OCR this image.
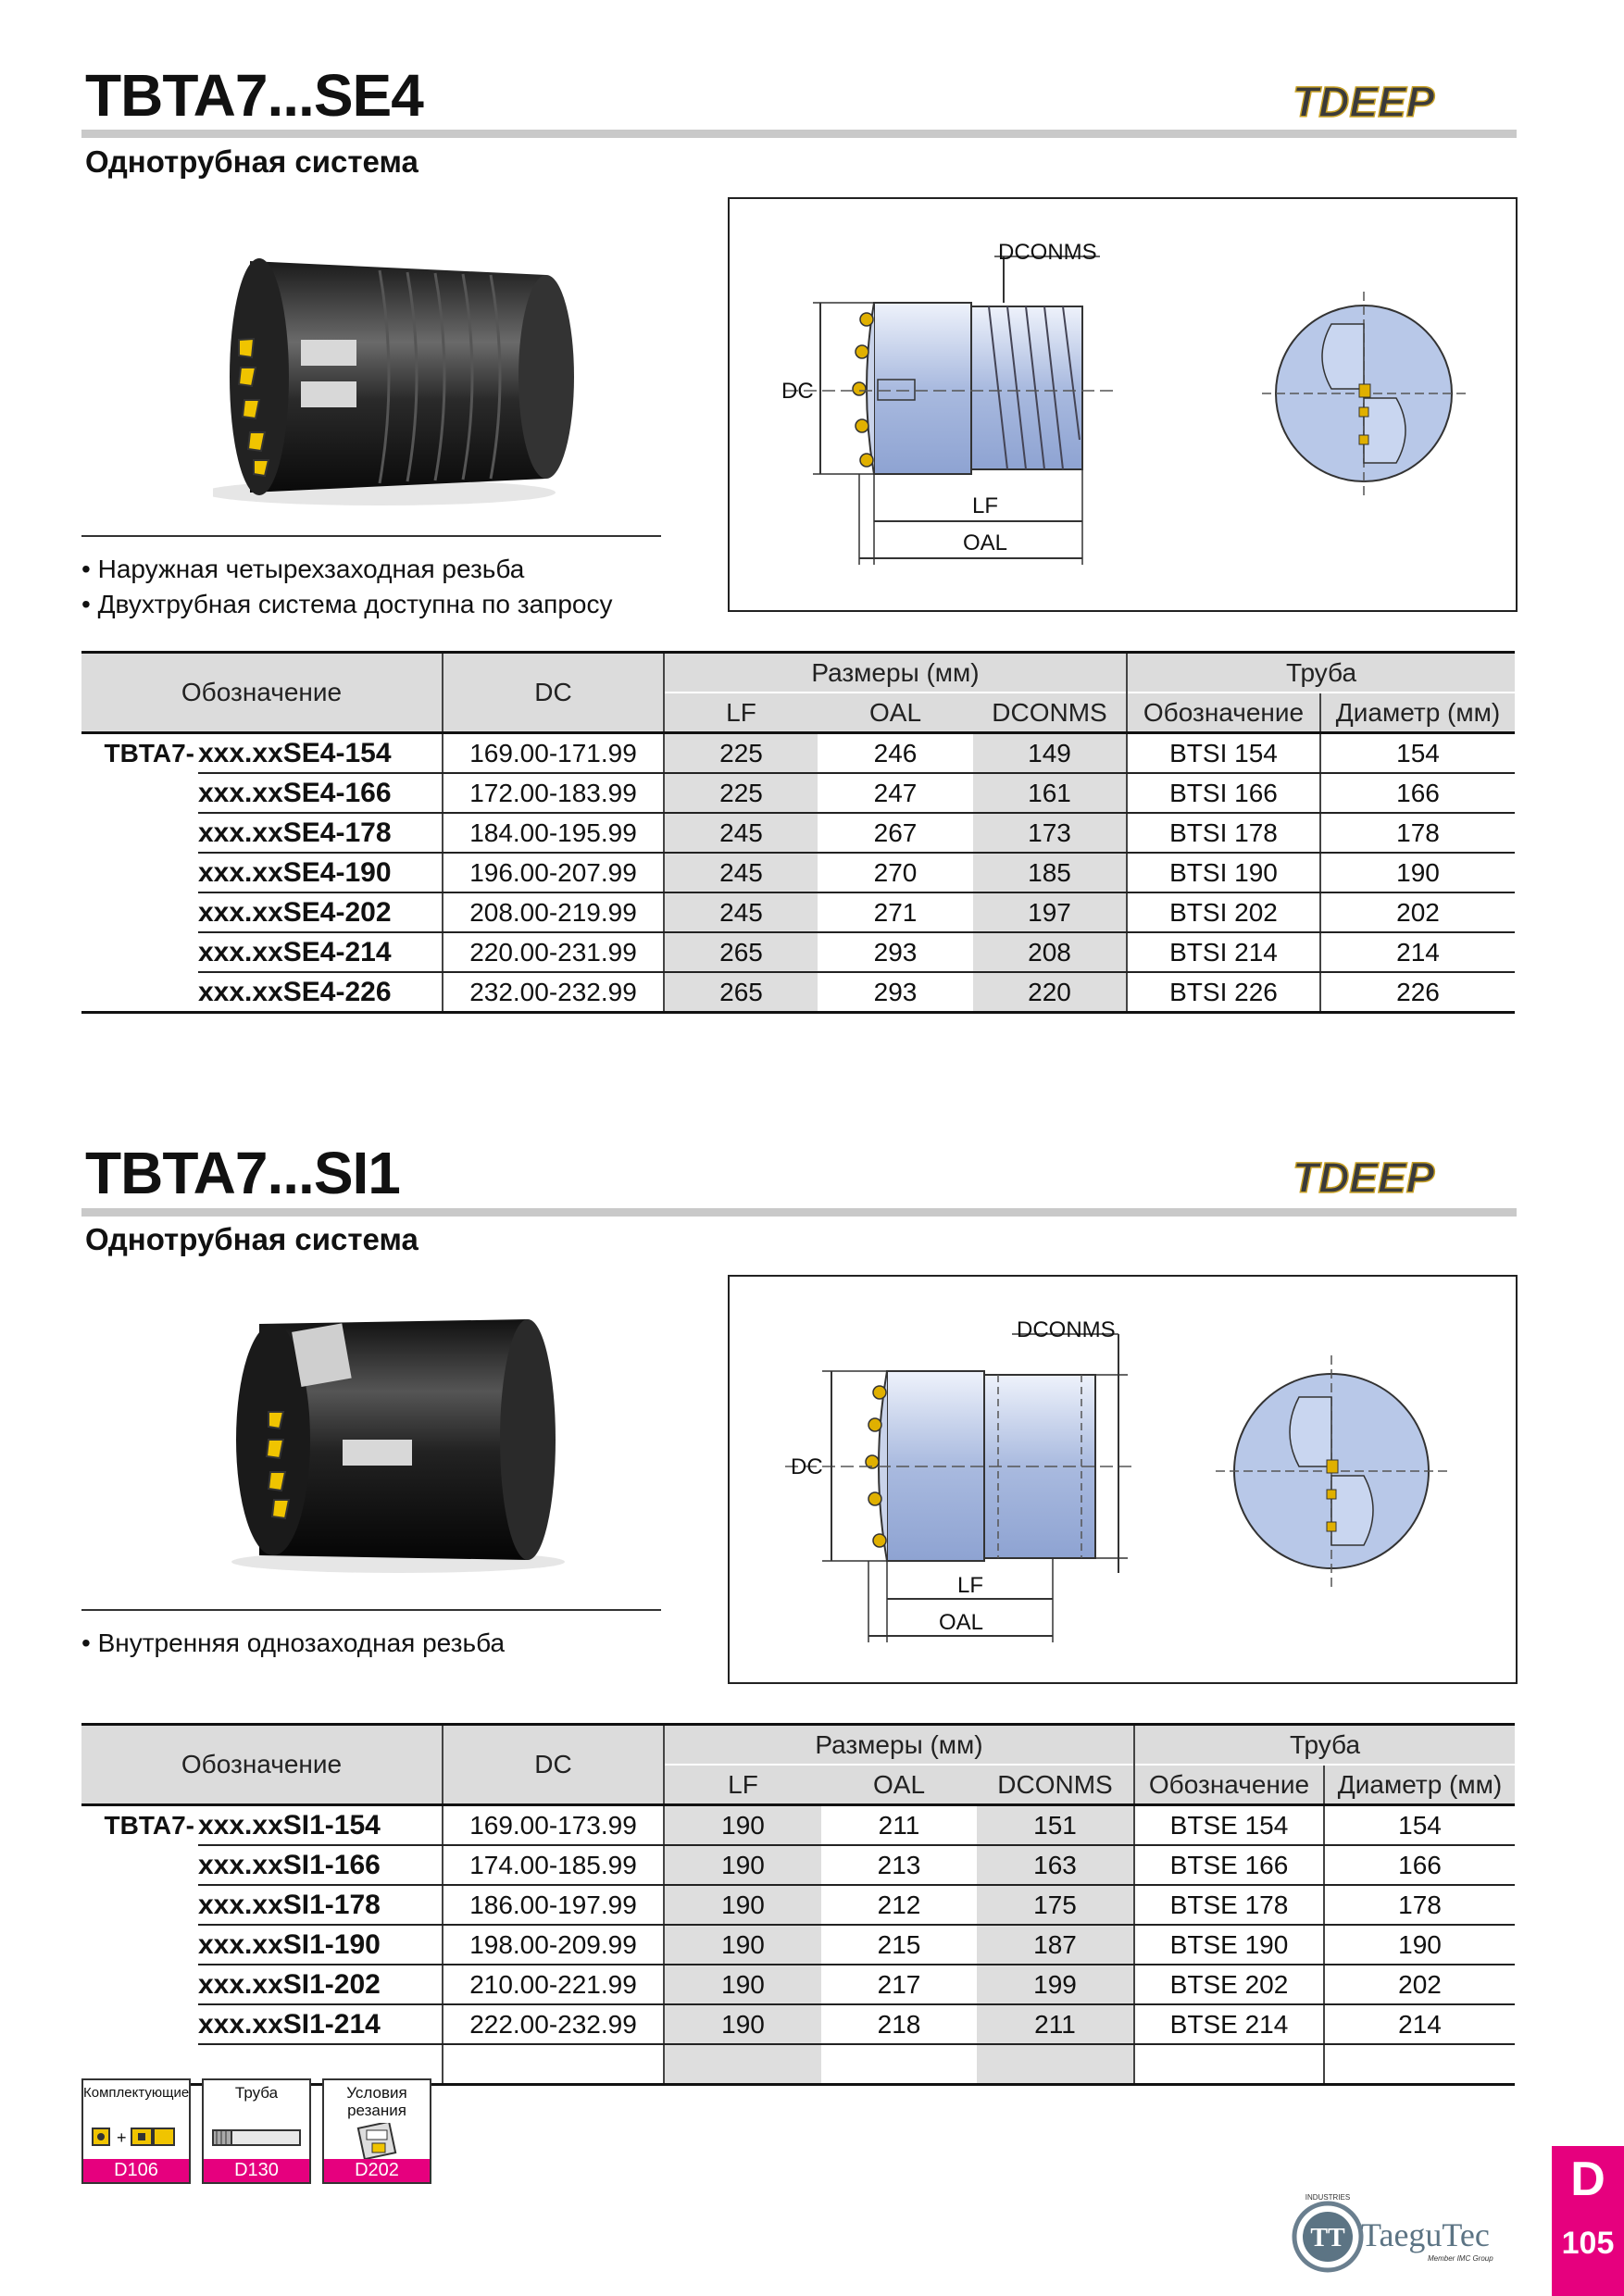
TBTA7...SE4	TDEEP
Однотрубная система
• Наружная четырехзаходная резьба
• Двухтрубная система доступна по запросу
DCONMS
DC
LF
OAL
Обозначение		DC	Размеры (мм)			Труба	
			LF	OAL	DCONMS	Обозначение	Диаметр (мм)
TBTA7-	xxx.xxSE4-154	169.00-171.99	225	246	149	BTSI 154	154
	xxx.xxSE4-166	172.00-183.99	225	247	161	BTSI 166	166
	xxx.xxSE4-178	184.00-195.99	245	267	173	BTSI 178	178
	xxx.xxSE4-190	196.00-207.99	245	270	185	BTSI 190	190
	xxx.xxSE4-202	208.00-219.99	245	271	197	BTSI 202	202
	xxx.xxSE4-214	220.00-231.99	265	293	208	BTSI 214	214
	xxx.xxSE4-226	232.00-232.99	265	293	220	BTSI 226	226
TBTA7...SI1	TDEEP
Однотрубная система
• Внутренняя однозаходная резьба
DCONMS
DC
LF
OAL
Обозначение		DC	Размеры (мм)			Труба	
			LF	OAL	DCONMS	Обозначение	Диаметр (мм)
TBTA7-	xxx.xxSI1-154	169.00-173.99	190	211	151	BTSE 154	154
	xxx.xxSI1-166	174.00-185.99	190	213	163	BTSE 166	166
	xxx.xxSI1-178	186.00-197.99	190	212	175	BTSE 178	178
	xxx.xxSI1-190	198.00-209.99	190	215	187	BTSE 190	190
	xxx.xxSI1-202	210.00-221.99	190	217	199	BTSE 202	202
	xxx.xxSI1-214	222.00-232.99	190	218	211	BTSE 214	214

Комплектующие
+
D106
Труба
D130
Условия резания
D202	D
105
TT
INDUSTRIES
TaeguTec
Member IMC Group
